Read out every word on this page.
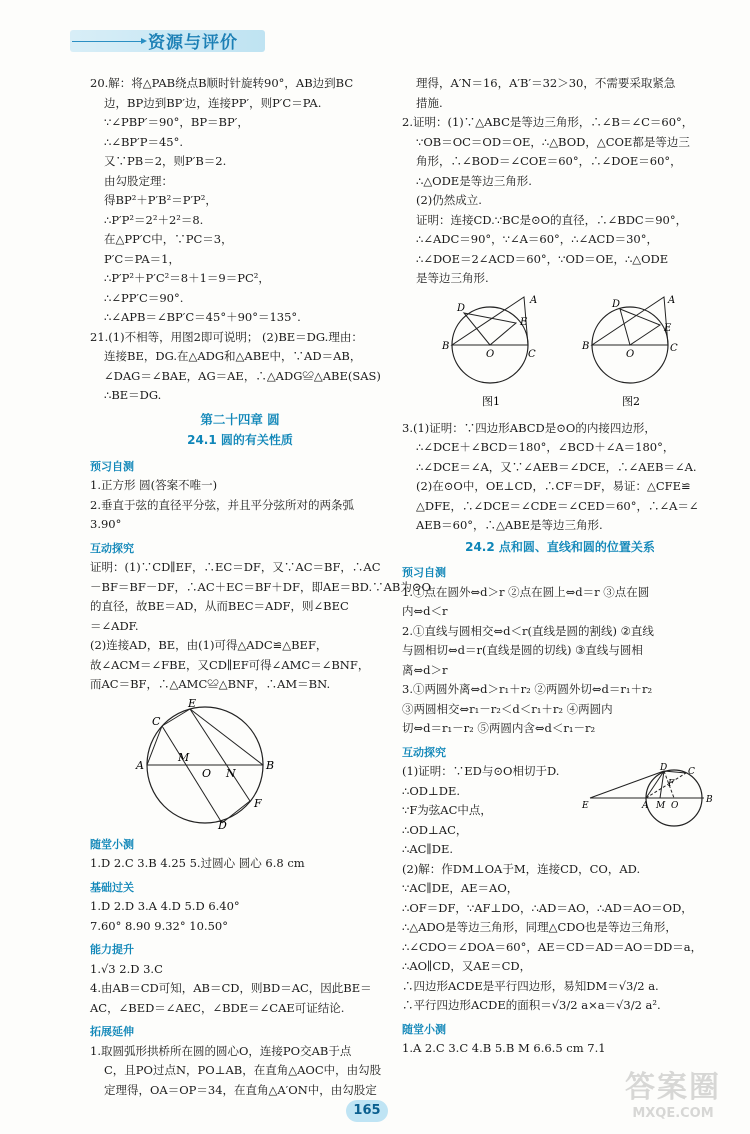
资源与评价
20.解：将△PAB绕点B顺时针旋转90°，AB边到BC
边，BP边到BP′边，连接PP′，则P′C＝PA.
∵∠PBP′＝90°，BP＝BP′，
∴∠BP′P＝45°.
又∵PB＝2，则P′B＝2.
由勾股定理：
得BP²＋P′B²＝P′P²，
∴P′P²＝2²＋2²＝8.
在△PP′C中，∵PC＝3，
P′C＝PA＝1，
∴P′P²＋P′C²＝8＋1＝9＝PC²，
∴∠PP′C＝90°.
∴∠APB＝∠BP′C＝45°＋90°＝135°.
21.(1)不相等，用图2即可说明； (2)BE＝DG.理由：
连接BE，DG.在△ADG和△ABE中，∵AD＝AB，
∠DAG＝∠BAE，AG＝AE，∴△ADG≌△ABE(SAS)
∴BE＝DG.
第二十四章 圆
24.1 圆的有关性质
预习自测
1.正方形 圆(答案不唯一)
2.垂直于弦的直径平分弦，并且平分弦所对的两条弧
3.90°
互动探究
证明：(1)∵CD∥EF，∴EC＝DF，又∵AC＝BF，∴AC
－BF＝BF－DF，∴AC＋EC＝BF＋DF，即AE＝BD.∵AB为⊙O
的直径，故BE＝AD，从而BEC＝ADF，则∠BEC
＝∠ADF.
(2)连接AD，BE，由(1)可得△ADC≌△BEF，
故∠ACM＝∠FBE，又CD∥EF可得∠AMC＝∠BNF，
而AC＝BF，∴△AMC≌△BNF，∴AM＝BN.
E
C
M
A
O N
B
F
D
随堂小测
1.D 2.C 3.B 4.25 5.过圆心 圆心 6.8 cm
基础过关
1.D 2.D 3.A 4.D 5.D 6.40°
7.60° 8.90 9.32° 10.50°
能力提升
1.√3 2.D 3.C
4.由AB＝CD可知，AB＝CD，则BD＝AC，因此BE＝
AC，∠BED＝∠AEC，∠BDE＝∠CAE可证结论.
拓展延伸
1.取圆弧形拱桥所在圆的圆心O，连接PO交AB于点
C，且PO过点N，PO⊥AB，在直角△AOC中，由勾股
定理得，OA＝OP＝34，在直角△A′ON中，由勾股定
理得，A′N＝16，A′B′＝32＞30，不需要采取紧急
措施.
2.证明：(1)∵△ABC是等边三角形，∴∠B＝∠C＝60°，
∵OB＝OC＝OD＝OE，∴△BOD，△COE都是等边三
角形，∴∠BOD＝∠COE＝60°，∴∠DOE＝60°，
∴△ODE是等边三角形.
(2)仍然成立.
证明：连接CD.∵BC是⊙O的直径，∴∠BDC＝90°，
∴∠ADC＝90°，∵∠A＝60°，∴∠ACD＝30°，
∴∠DOE＝2∠ACD＝60°，∵OD＝OE，∴△ODE
是等边三角形.
A
D
B
E
O	C
图1
A
D
B
E
O
C
图2
3.(1)证明：∵四边形ABCD是⊙O的内接四边形，
∴∠DCE＋∠BCD＝180°，∠BCD＋∠A＝180°，
∴∠DCE＝∠A，又∵∠AEB＝∠DCE，∴∠AEB＝∠A.
(2)在⊙O中，OE⊥CD，∴CF＝DF，易证：△CFE≌
△DFE，∴∠DCE＝∠CDE＝∠CED＝60°，∴∠A＝∠
AEB＝60°，∴△ABE是等边三角形.
24.2 点和圆、直线和圆的位置关系
预习自测
1.①点在圆外⇔d＞r ②点在圆上⇔d＝r ③点在圆
内⇔d＜r
2.①直线与圆相交⇔d＜r(直线是圆的割线) ②直线
与圆相切⇔d＝r(直线是圆的切线) ③直线与圆相
离⇔d＞r
3.①两圆外离⇔d＞r₁＋r₂ ②两圆外切⇔d＝r₁＋r₂
③两圆相交⇔r₁－r₂＜d＜r₁＋r₂ ④两圆内
切⇔d＝r₁－r₂ ⑤两圆内含⇔d＜r₁－r₂
互动探究
(1)证明：∵ED与⊙O相切于D.
∴OD⊥DE.
∵F为弦AC中点，
∴OD⊥AC，
∴AC∥DE.
D C
F
E	A M O
B
(2)解：作DM⊥OA于M，连接CD，CO，AD.
∵AC∥DE，AE＝AO，
∴OF＝DF，∵AF⊥DO，∴AD＝AO，∴AD＝AO＝OD，
∴△ADO是等边三角形，同理△CDO也是等边三角形，
∴∠CDO＝∠DOA＝60°，AE＝CD＝AD＝AO＝DD＝a，
∴AO∥CD，又AE＝CD，
∴四边形ACDE是平行四边形，易知DM＝√3/2 a.
∴平行四边形ACDE的面积＝√3/2 a×a＝√3/2 a².
随堂小测
1.A 2.C 3.C 4.B 5.B M 6.6.5 cm 7.1
165
答案圈
MXQE.COM
